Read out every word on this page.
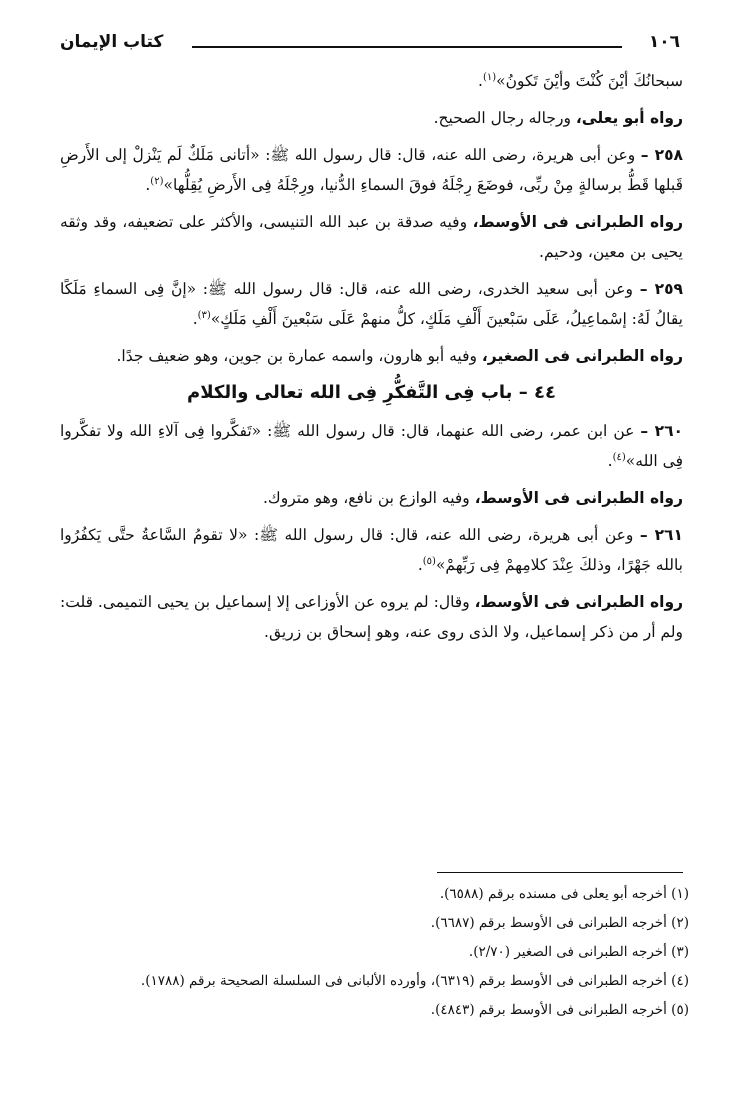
كتاب الإيمان	١٠٦

سبحانُكَ أيْنَ كُنْتَ وأيْنَ تَكونُ»$^{(١)}$.

رواه أبو يعلى، ورجاله رجال الصحيح.

٢٥٨ – وعن أبى هريرة، رضى الله عنه، قال: قال رسول الله ﷺ: «أتانى مَلَكٌ لَم يَنْزلْ إلى الأَرضِ قَبلها قَطُّ برسالةٍ مِنْ ربِّى، فوضَعَ رِجْلَهُ فوقَ السماءِ الدُّنيا، ورِجْلَهُ فِى الأَرضِ يُقِلُّها»$^{(٢)}$.

رواه الطبرانى فى الأوسط، وفيه صدقة بن عبد الله التنيسى، والأكثر على تضعيفه، وقد وثقه يحيى بن معين، ودحيم.

٢٥٩ – وعن أبى سعيد الخدرى، رضى الله عنه، قال: قال رسول الله ﷺ: «إنَّ فِى السماءِ مَلَكًا يقالُ لَهُ: إسْماعِيلُ، عَلَى سَبْعينَ أَلْفِ مَلَكٍ، كلُّ منهمْ عَلَى سَبْعينَ أَلْفِ مَلَكٍ»$^{(٣)}$.

رواه الطبرانى فى الصغير، وفيه أبو هارون، واسمه عمارة بن جوين، وهو ضعيف جدًا.

٤٤ – باب فِى التَّفكُّرِ فِى الله تعالى والكلام

٢٦٠ – عن ابن عمر، رضى الله عنهما، قال: قال رسول الله ﷺ: «تَفكَّروا فِى آلاءِ الله ولا تفكَّروا فِى الله»$^{(٤)}$.

رواه الطبرانى فى الأوسط، وفيه الوازع بن نافع، وهو متروك.

٢٦١ – وعن أبى هريرة، رضى الله عنه، قال: قال رسول الله ﷺ: «لا تقومُ السَّاعةُ حتَّى يَكفُرُوا بالله جَهْرًا، وذلكَ عِنْدَ كلامِهمْ فِى رَبِّهمْ»$^{(٥)}$.

رواه الطبرانى فى الأوسط، وقال: لم يروه عن الأوزاعى إلا إسماعيل بن يحيى التميمى. قلت: ولم أر من ذكر إسماعيل، ولا الذى روى عنه، وهو إسحاق بن زريق.

(١) أخرجه أبو يعلى فى مسنده برقم (٦٥٨٨).

(٢) أخرجه الطبرانى فى الأوسط برقم (٦٦٨٧).

(٣) أخرجه الطبرانى فى الصغير (٢/٧٠).

(٤) أخرجه الطبرانى فى الأوسط برقم (٦٣١٩)، وأورده الألبانى فى السلسلة الصحيحة برقم (١٧٨٨).

(٥) أخرجه الطبرانى فى الأوسط برقم (٤٨٤٣).
